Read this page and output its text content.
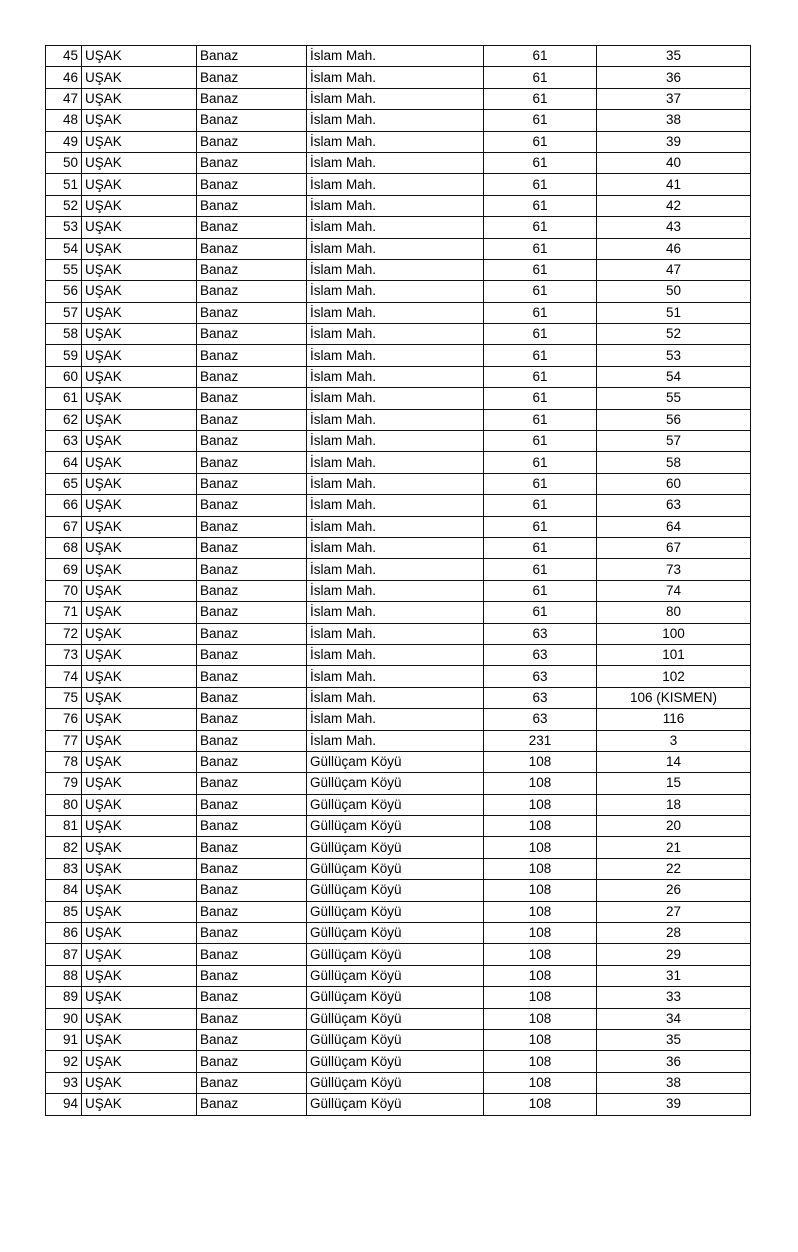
45	UŞAK	Banaz	İslam Mah.	61	35
46	UŞAK	Banaz	İslam Mah.	61	36
47	UŞAK	Banaz	İslam Mah.	61	37
48	UŞAK	Banaz	İslam Mah.	61	38
49	UŞAK	Banaz	İslam Mah.	61	39
50	UŞAK	Banaz	İslam Mah.	61	40
51	UŞAK	Banaz	İslam Mah.	61	41
52	UŞAK	Banaz	İslam Mah.	61	42
53	UŞAK	Banaz	İslam Mah.	61	43
54	UŞAK	Banaz	İslam Mah.	61	46
55	UŞAK	Banaz	İslam Mah.	61	47
56	UŞAK	Banaz	İslam Mah.	61	50
57	UŞAK	Banaz	İslam Mah.	61	51
58	UŞAK	Banaz	İslam Mah.	61	52
59	UŞAK	Banaz	İslam Mah.	61	53
60	UŞAK	Banaz	İslam Mah.	61	54
61	UŞAK	Banaz	İslam Mah.	61	55
62	UŞAK	Banaz	İslam Mah.	61	56
63	UŞAK	Banaz	İslam Mah.	61	57
64	UŞAK	Banaz	İslam Mah.	61	58
65	UŞAK	Banaz	İslam Mah.	61	60
66	UŞAK	Banaz	İslam Mah.	61	63
67	UŞAK	Banaz	İslam Mah.	61	64
68	UŞAK	Banaz	İslam Mah.	61	67
69	UŞAK	Banaz	İslam Mah.	61	73
70	UŞAK	Banaz	İslam Mah.	61	74
71	UŞAK	Banaz	İslam Mah.	61	80
72	UŞAK	Banaz	İslam Mah.	63	100
73	UŞAK	Banaz	İslam Mah.	63	101
74	UŞAK	Banaz	İslam Mah.	63	102
75	UŞAK	Banaz	İslam Mah.	63	106 (KISMEN)
76	UŞAK	Banaz	İslam Mah.	63	116
77	UŞAK	Banaz	İslam Mah.	231	3
78	UŞAK	Banaz	Güllüçam Köyü	108	14
79	UŞAK	Banaz	Güllüçam Köyü	108	15
80	UŞAK	Banaz	Güllüçam Köyü	108	18
81	UŞAK	Banaz	Güllüçam Köyü	108	20
82	UŞAK	Banaz	Güllüçam Köyü	108	21
83	UŞAK	Banaz	Güllüçam Köyü	108	22
84	UŞAK	Banaz	Güllüçam Köyü	108	26
85	UŞAK	Banaz	Güllüçam Köyü	108	27
86	UŞAK	Banaz	Güllüçam Köyü	108	28
87	UŞAK	Banaz	Güllüçam Köyü	108	29
88	UŞAK	Banaz	Güllüçam Köyü	108	31
89	UŞAK	Banaz	Güllüçam Köyü	108	33
90	UŞAK	Banaz	Güllüçam Köyü	108	34
91	UŞAK	Banaz	Güllüçam Köyü	108	35
92	UŞAK	Banaz	Güllüçam Köyü	108	36
93	UŞAK	Banaz	Güllüçam Köyü	108	38
94	UŞAK	Banaz	Güllüçam Köyü	108	39
